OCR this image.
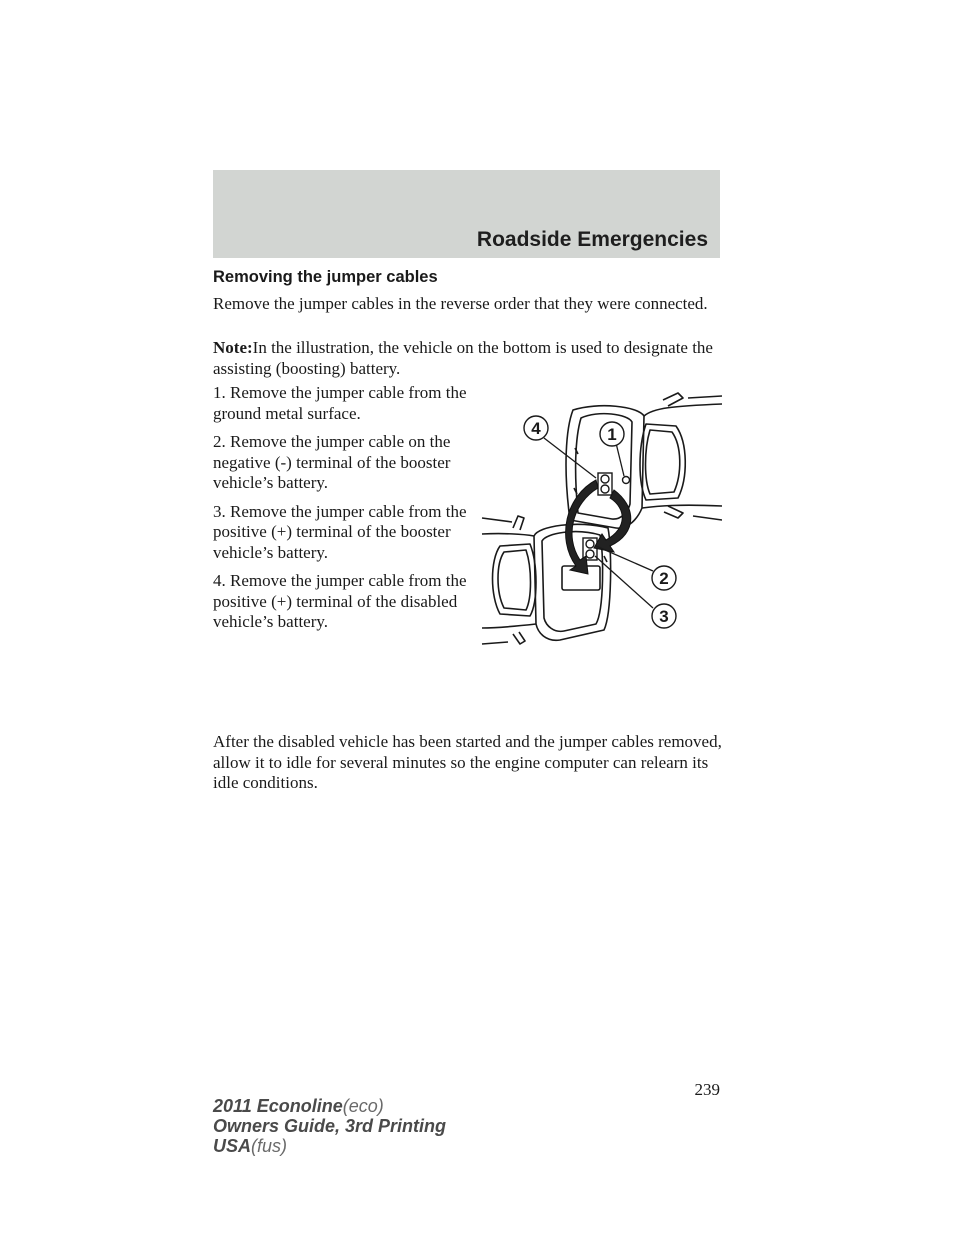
Roadside Emergencies
Removing the jumper cables

Remove the jumper cables in the reverse order that they were connected.

Note:In the illustration, the vehicle on the bottom is used to designate the assisting (boosting) battery.

1. Remove the jumper cable from the ground metal surface.
2. Remove the jumper cable on the negative (-) terminal of the booster vehicle’s battery.
3. Remove the jumper cable from the positive (+) terminal of the booster vehicle’s battery.
4. Remove the jumper cable from the positive (+) terminal of the disabled vehicle’s battery.
4	1
2
3

After the disabled vehicle has been started and the jumper cables removed, allow it to idle for several minutes so the engine computer can relearn its idle conditions.

239
2011 Econoline(eco)
Owners Guide, 3rd Printing
USA(fus)
